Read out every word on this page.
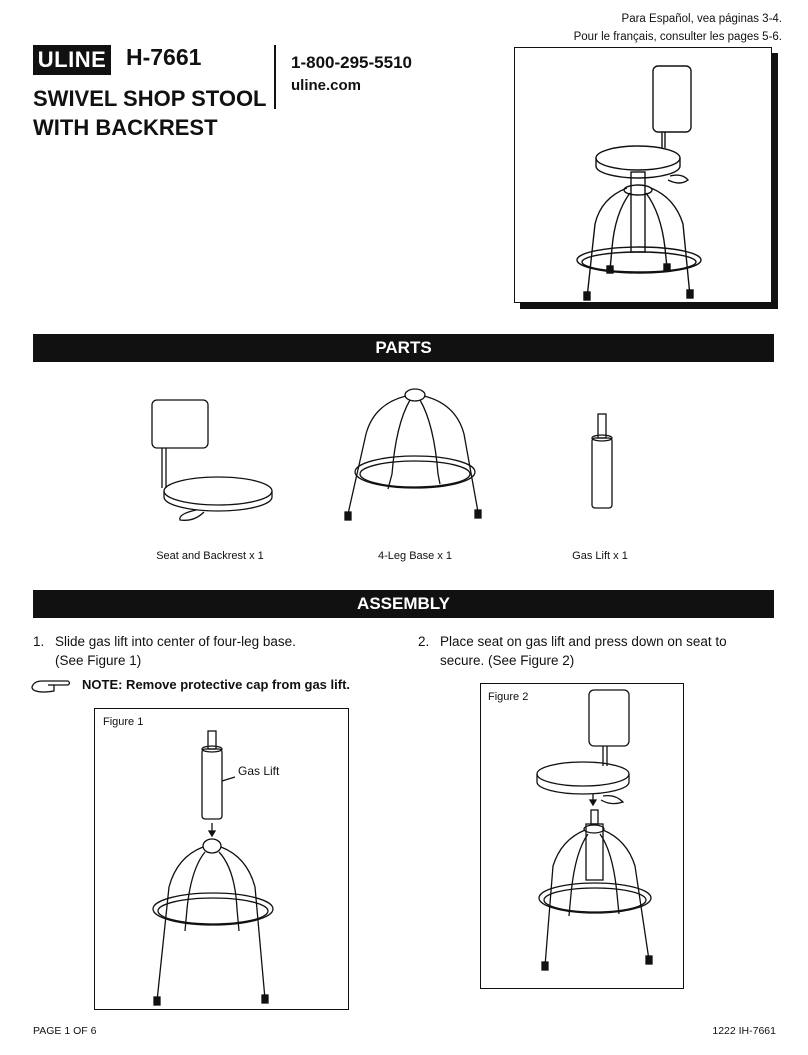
Para Español, vea páginas 3-4.
Pour le français, consulter les pages 5-6.
ULINE H-7661
SWIVEL SHOP STOOL
WITH BACKREST
1-800-295-5510
uline.com
PARTS
Seat and Backrest x 1	4-Leg Base x 1	Gas Lift x 1
ASSEMBLY
1. Slide gas lift into center of four-leg base.
(See Figure 1)
2. Place seat on gas lift and press down on seat to
secure. (See Figure 2)
NOTE: Remove protective cap from gas lift.
Figure 1
Gas Lift
Figure 2
PAGE 1 OF 6	1222 IH-7661
